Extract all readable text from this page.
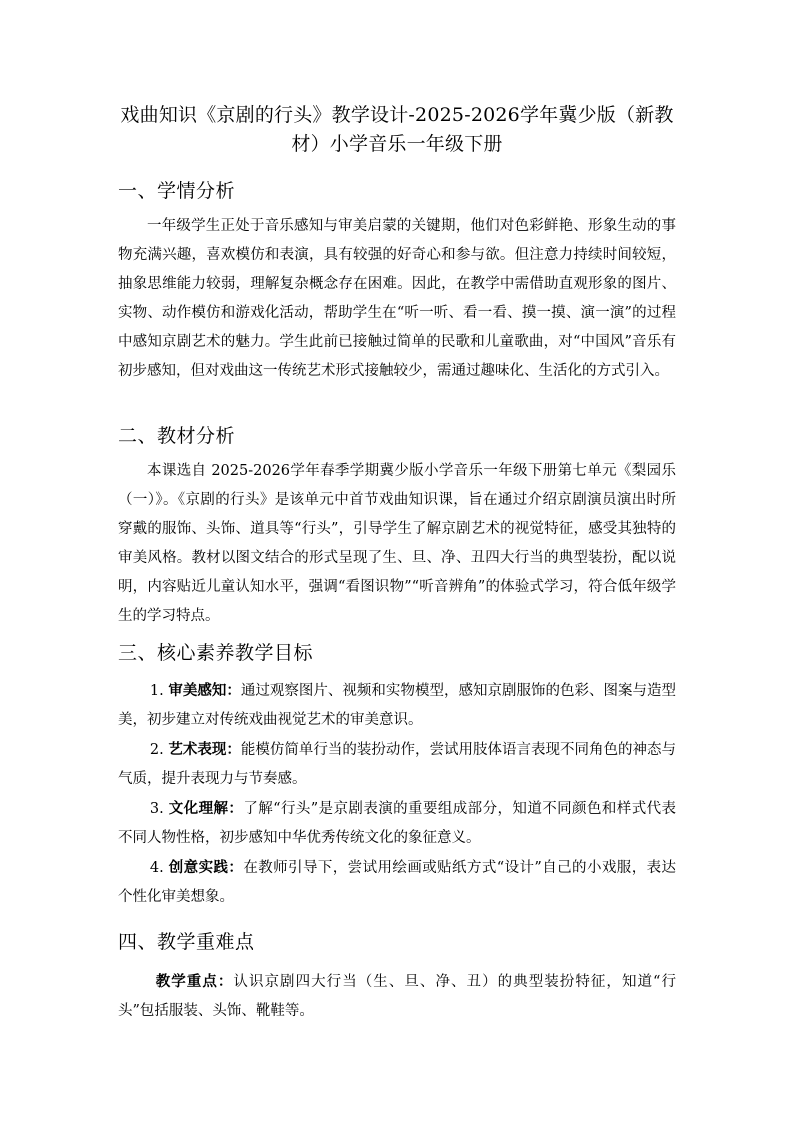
戏曲知识《京剧的行头》教学设计-2025-2026学年冀少版（新教材）小学音乐一年级下册
一、学情分析

一年级学生正处于音乐感知与审美启蒙的关键期，他们对色彩鲜艳、形象生动的事物充满兴趣，喜欢模仿和表演，具有较强的好奇心和参与欲。但注意力持续时间较短，抽象思维能力较弱，理解复杂概念存在困难。因此，在教学中需借助直观形象的图片、实物、动作模仿和游戏化活动，帮助学生在“听一听、看一看、摸一摸、演一演”的过程中感知京剧艺术的魅力。学生此前已接触过简单的民歌和儿童歌曲，对“中国风”音乐有初步感知，但对戏曲这一传统艺术形式接触较少，需通过趣味化、生活化的方式引入。

二、教材分析

本课选自 2025-2026学年春季学期冀少版小学音乐一年级下册第七单元《梨园乐（一）》。《京剧的行头》是该单元中首节戏曲知识课，旨在通过介绍京剧演员演出时所穿戴的服饰、头饰、道具等“行头”，引导学生了解京剧艺术的视觉特征，感受其独特的审美风格。教材以图文结合的形式呈现了生、旦、净、丑四大行当的典型装扮，配以说明，内容贴近儿童认知水平，强调“看图识物”“听音辨角”的体验式学习，符合低年级学生的学习特点。

三、核心素养教学目标

1. 审美感知：通过观察图片、视频和实物模型，感知京剧服饰的色彩、图案与造型美，初步建立对传统戏曲视觉艺术的审美意识。

2. 艺术表现：能模仿简单行当的装扮动作，尝试用肢体语言表现不同角色的神态与气质，提升表现力与节奏感。

3. 文化理解：了解“行头”是京剧表演的重要组成部分，知道不同颜色和样式代表不同人物性格，初步感知中华优秀传统文化的象征意义。

4. 创意实践：在教师引导下，尝试用绘画或贴纸方式“设计”自己的小戏服，表达个性化审美想象。

四、教学重难点

教学重点：认识京剧四大行当（生、旦、净、丑）的典型装扮特征，知道“行头”包括服装、头饰、靴鞋等。
